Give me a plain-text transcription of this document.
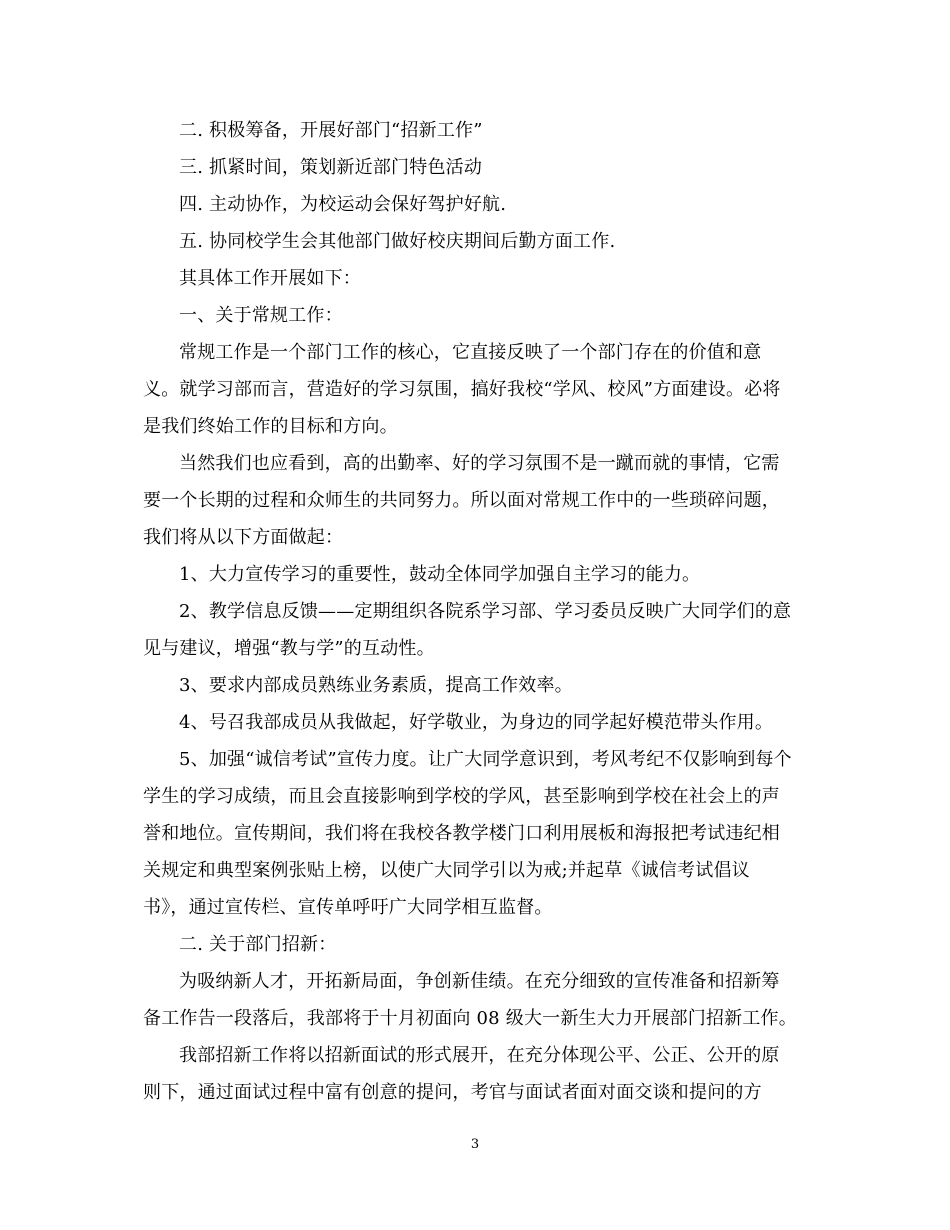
二. 积极筹备，开展好部门“招新工作”
三. 抓紧时间，策划新近部门特色活动
四. 主动协作，为校运动会保好驾护好航.
五. 协同校学生会其他部门做好校庆期间后勤方面工作.
其具体工作开展如下：
一、关于常规工作：
常规工作是一个部门工作的核心，它直接反映了一个部门存在的价值和意
义。就学习部而言，营造好的学习氛围，搞好我校“学风、校风”方面建设。必将
是我们终始工作的目标和方向。
当然我们也应看到，高的出勤率、好的学习氛围不是一蹴而就的事情，它需
要一个长期的过程和众师生的共同努力。所以面对常规工作中的一些琐碎问题，
我们将从以下方面做起：
1、大力宣传学习的重要性，鼓动全体同学加强自主学习的能力。
2、教学信息反馈——定期组织各院系学习部、学习委员反映广大同学们的意
见与建议，增强“教与学”的互动性。
3、要求内部成员熟练业务素质，提高工作效率。
4、号召我部成员从我做起，好学敬业，为身边的同学起好模范带头作用。
5、加强“诚信考试”宣传力度。让广大同学意识到，考风考纪不仅影响到每个
学生的学习成绩，而且会直接影响到学校的学风，甚至影响到学校在社会上的声
誉和地位。宣传期间，我们将在我校各教学楼门口利用展板和海报把考试违纪相
关规定和典型案例张贴上榜，以使广大同学引以为戒;并起草《诚信考试倡议
书》，通过宣传栏、宣传单呼吁广大同学相互监督。
二. 关于部门招新：
为吸纳新人才，开拓新局面，争创新佳绩。在充分细致的宣传准备和招新筹
备工作告一段落后，我部将于十月初面向 08 级大一新生大力开展部门招新工作。
我部招新工作将以招新面试的形式展开，在充分体现公平、公正、公开的原
则下，通过面试过程中富有创意的提问，考官与面试者面对面交谈和提问的方
3
